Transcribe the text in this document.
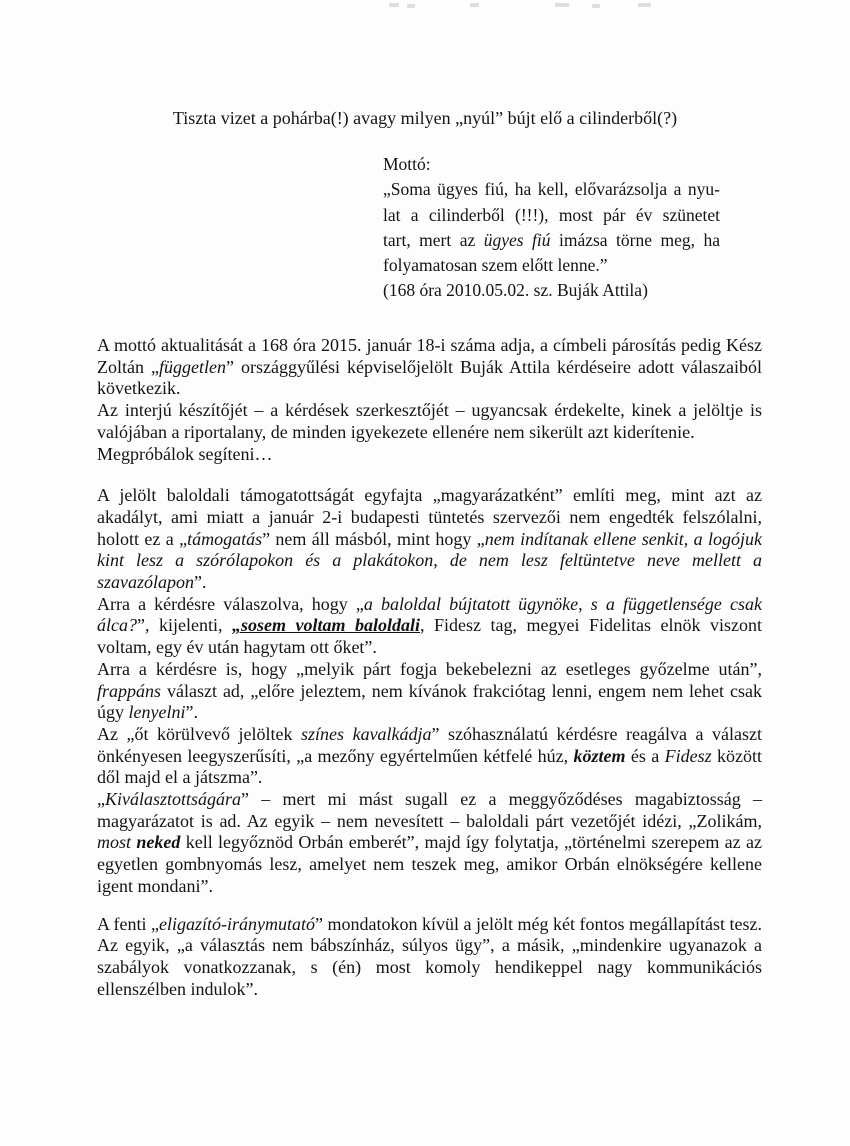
Tiszta vizet a pohárba(!) avagy milyen „nyúl” bújt elő a cilinderből(?)
Mottó:
„Soma ügyes fiú, ha kell, elővarázsolja a nyu-
lat a cilinderből (!!!), most pár év szünetet
tart, mert az ügyes fiú imázsa törne meg, ha
folyamatosan szem előtt lenne.”
(168 óra 2010.05.02. sz. Buják Attila)

A mottó aktualitását a 168 óra 2015. január 18-i száma adja, a címbeli párosítás pedig Kész Zoltán „független” országgyűlési képviselőjelölt Buják Attila kérdéseire adott válaszaiból következik.

Az interjú készítőjét – a kérdések szerkesztőjét – ugyancsak érdekelte, kinek a jelöltje is valójában a riportalany, de minden igyekezete ellenére nem sikerült azt kiderítenie.

Megpróbálok segíteni…

A jelölt baloldali támogatottságát egyfajta „magyarázatként” említi meg, mint azt az akadályt, ami miatt a január 2-i budapesti tüntetés szervezői nem engedték felszólalni, holott ez a „támogatás” nem áll másból, mint hogy „nem indítanak ellene senkit, a logójuk kint lesz a szórólapokon és a plakátokon, de nem lesz feltüntetve neve mellett a szavazólapon”.

Arra a kérdésre válaszolva, hogy „a baloldal bújtatott ügynöke, s a függetlensége csak álca?”, kijelenti, „sosem voltam baloldali, Fidesz tag, megyei Fidelitas elnök viszont voltam, egy év után hagytam ott őket”.

Arra a kérdésre is, hogy „melyik párt fogja bekebelezni az esetleges győzelme után”, frappáns választ ad, „előre jeleztem, nem kívánok frakciótag lenni, engem nem lehet csak úgy lenyelni”.

Az „őt körülvevő jelöltek színes kavalkádja” szóhasználatú kérdésre reagálva a választ önkényesen leegyszerűsíti, „a mezőny egyértelműen kétfelé húz, köztem és a Fidesz között dől majd el a játszma”.

„Kiválasztottságára” – mert mi mást sugall ez a meggyőződéses magabiztosság – magyarázatot is ad. Az egyik – nem nevesített – baloldali párt vezetőjét idézi, „Zolikám, most neked kell legyőznöd Orbán emberét”, majd így folytatja, „történelmi szerepem az az egyetlen gombnyomás lesz, amelyet nem teszek meg, amikor Orbán elnökségére kellene igent mondani”.

A fenti „eligazító-iránymutató” mondatokon kívül a jelölt még két fontos megállapítást tesz. Az egyik, „a választás nem bábszínház, súlyos ügy”, a másik, „mindenkire ugyanazok a szabályok vonatkozzanak, s (én) most komoly hendikeppel nagy kommunikációs ellenszélben indulok”.
